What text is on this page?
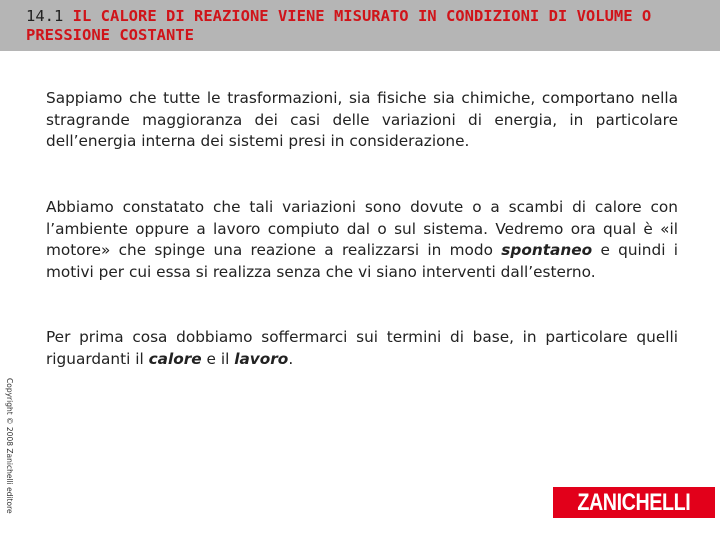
14.1 IL CALORE DI REAZIONE VIENE MISURATO IN CONDIZIONI DI VOLUME O PRESSIONE COSTANTE

Sappiamo che tutte le trasformazioni, sia fisiche sia chimiche, comportano nella stragrande maggioranza dei casi delle variazioni di energia, in particolare dell’energia interna dei sistemi presi in considerazione.

Abbiamo constatato che tali variazioni sono dovute o a scambi di calore con l’ambiente oppure a lavoro compiuto dal o sul sistema. Vedremo ora qual è «il motore» che spinge una reazione a realizzarsi in modo spontaneo e quindi i motivi per cui essa si realizza senza che vi siano interventi dall’esterno.

Per prima cosa dobbiamo soffermarci sui termini di base, in particolare quelli riguardanti il calore e il lavoro.

Copyright © 2008 Zanichelli editore	ZANICHELLI
